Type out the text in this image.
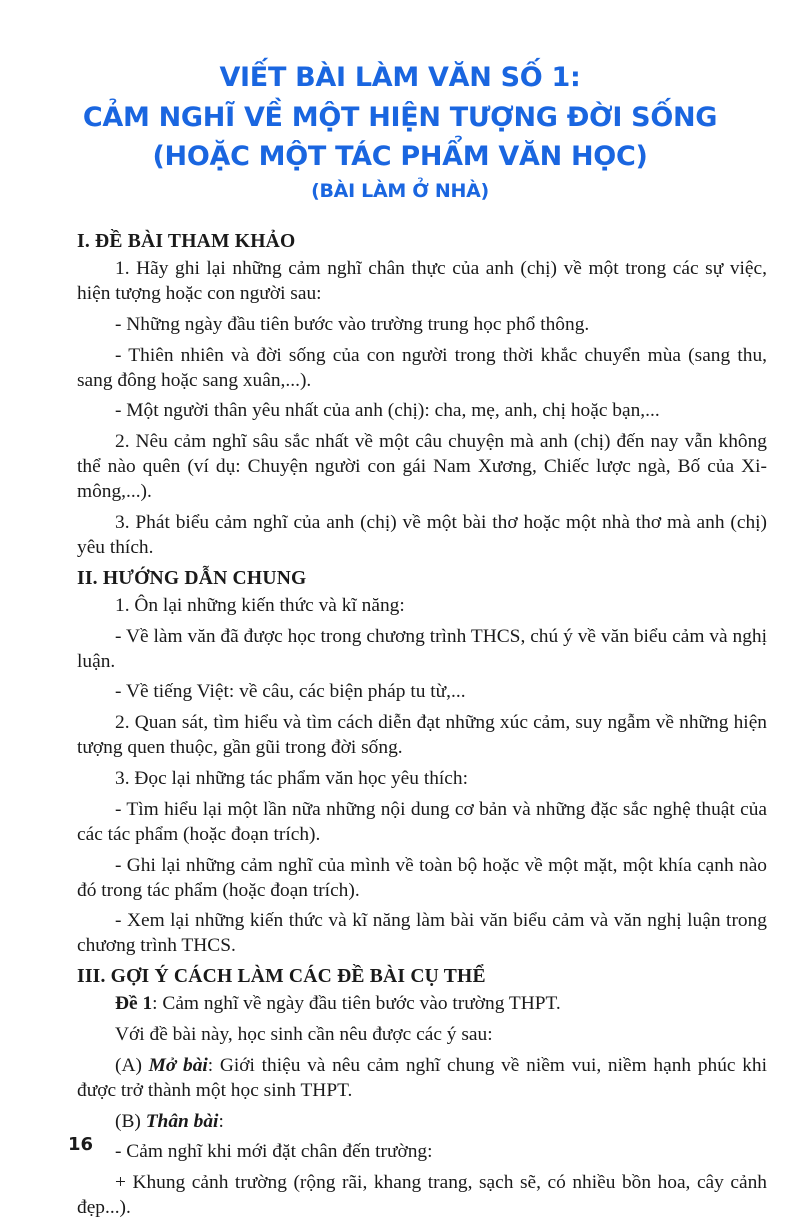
VIẾT BÀI LÀM VĂN SỐ 1:
CẢM NGHĨ VỀ MỘT HIỆN TƯỢNG ĐỜI SỐNG
(HOẶC MỘT TÁC PHẨM VĂN HỌC)
(BÀI LÀM Ở NHÀ)
I. ĐỀ BÀI THAM KHẢO

1. Hãy ghi lại những cảm nghĩ chân thực của anh (chị) về một trong các sự việc, hiện tượng hoặc con người sau:

- Những ngày đầu tiên bước vào trường trung học phổ thông.

- Thiên nhiên và đời sống của con người trong thời khắc chuyển mùa (sang thu, sang đông hoặc sang xuân,...).

- Một người thân yêu nhất của anh (chị): cha, mẹ, anh, chị hoặc bạn,...

2. Nêu cảm nghĩ sâu sắc nhất về một câu chuyện mà anh (chị) đến nay vẫn không thể nào quên (ví dụ: Chuyện người con gái Nam Xương, Chiếc lược ngà, Bố của Xi-mông,...).

3. Phát biểu cảm nghĩ của anh (chị) về một bài thơ hoặc một nhà thơ mà anh (chị) yêu thích.

II. HƯỚNG DẪN CHUNG

1. Ôn lại những kiến thức và kĩ năng:

- Về làm văn đã được học trong chương trình THCS, chú ý về văn biểu cảm và nghị luận.

- Về tiếng Việt: về câu, các biện pháp tu từ,...

2. Quan sát, tìm hiểu và tìm cách diễn đạt những xúc cảm, suy ngẫm về những hiện tượng quen thuộc, gần gũi trong đời sống.

3. Đọc lại những tác phẩm văn học yêu thích:

- Tìm hiểu lại một lần nữa những nội dung cơ bản và những đặc sắc nghệ thuật của các tác phẩm (hoặc đoạn trích).

- Ghi lại những cảm nghĩ của mình về toàn bộ hoặc về một mặt, một khía cạnh nào đó trong tác phẩm (hoặc đoạn trích).

- Xem lại những kiến thức và kĩ năng làm bài văn biểu cảm và văn nghị luận trong chương trình THCS.

III. GỢI Ý CÁCH LÀM CÁC ĐỀ BÀI CỤ THỂ

Đề 1: Cảm nghĩ về ngày đầu tiên bước vào trường THPT.

Với đề bài này, học sinh cần nêu được các ý sau:

(A) Mở bài: Giới thiệu và nêu cảm nghĩ chung về niềm vui, niềm hạnh phúc khi được trở thành một học sinh THPT.

(B) Thân bài:

- Cảm nghĩ khi mới đặt chân đến trường:

+ Khung cảnh trường (rộng rãi, khang trang, sạch sẽ, có nhiều bồn hoa, cây cảnh đẹp...).

16
